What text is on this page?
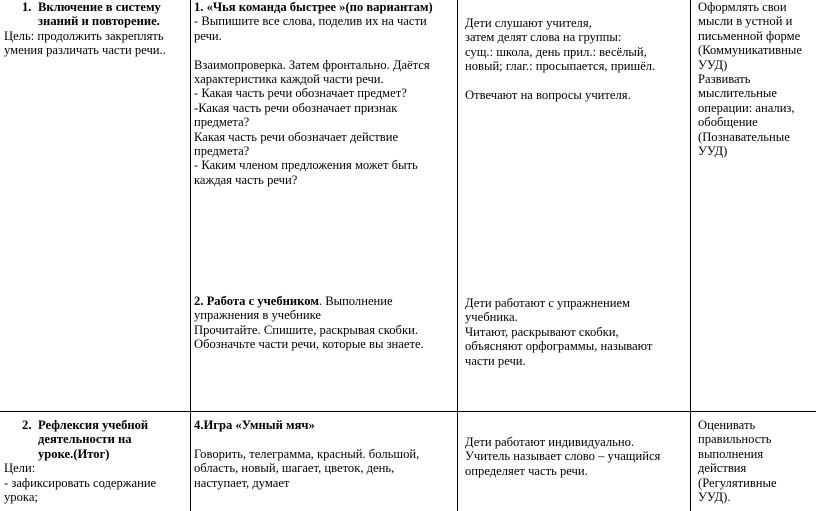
1. Включение в систему
знаний и повторение.
Цель: продолжить закреплять
умения различать части речи..
1. «Чья команда быстрее »(по вариантам)
- Выпишите все слова, поделив их на части
речи.

Взаимопроверка. Затем фронтально. Даётся
характеристика каждой части речи.
- Какая часть речи обозначает предмет?
-Какая часть речи обозначает признак
предмета?
Какая часть речи обозначает действие
предмета?
- Каким членом предложения может быть
каждая часть речи?
2. Работа с учебником. Выполнение
упражнения в учебнике
Прочитайте. Спишите, раскрывая скобки.
Обозначьте части речи, которые вы знаете.
Дети слушают учителя,
затем делят слова на группы:
сущ.: школа, день прил.: весёлый,
новый; глаг.: просыпается, пришёл.

Отвечают на вопросы учителя.
Дети работают с упражнением
учебника.
Читают, раскрывают скобки,
объясняют орфограммы, называют
части речи.
Оформлять свои
мысли в устной и
письменной форме
(Коммуникативные
УУД)
Развивать
мыслительные
операции: анализ,
обобщение
(Познавательные
УУД)
2. Рефлексия учебной
деятельности на
уроке.(Итог)
Цели:
- зафиксировать содержание
урока;
4.Игра «Умный мяч»

Говорить, телеграмма, красный. большой,
область, новый, шагает, цветок, день,
наступает, думает
Дети работают индивидуально.
Учитель называет слово – учащийся
определяет часть речи.
Оценивать
правильность
выполнения
действия
(Регулятивные
УУД).
